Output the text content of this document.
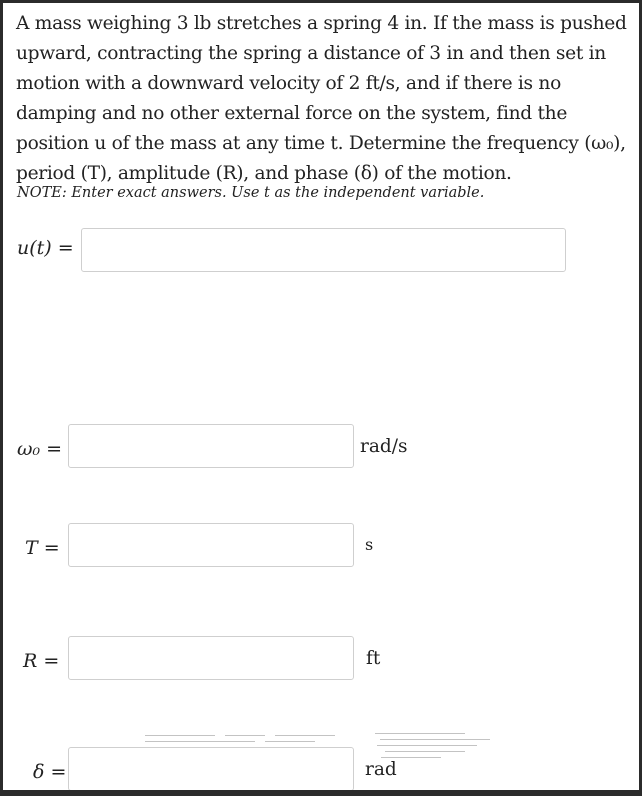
A mass weighing 3 lb stretches a spring 4 in. If the mass is pushed
upward, contracting the spring a distance of 3 in and then set in
motion with a downward velocity of 2 ft/s, and if there is no
damping and no other external force on the system, find the
position u of the mass at any time t. Determine the frequency (ω₀),
period (T), amplitude (R), and phase (δ) of the motion.
NOTE: Enter exact answers. Use t as the independent variable.
u(t) =
ω₀ =	rad/s
T =	s
R =	ft
δ =	rad
